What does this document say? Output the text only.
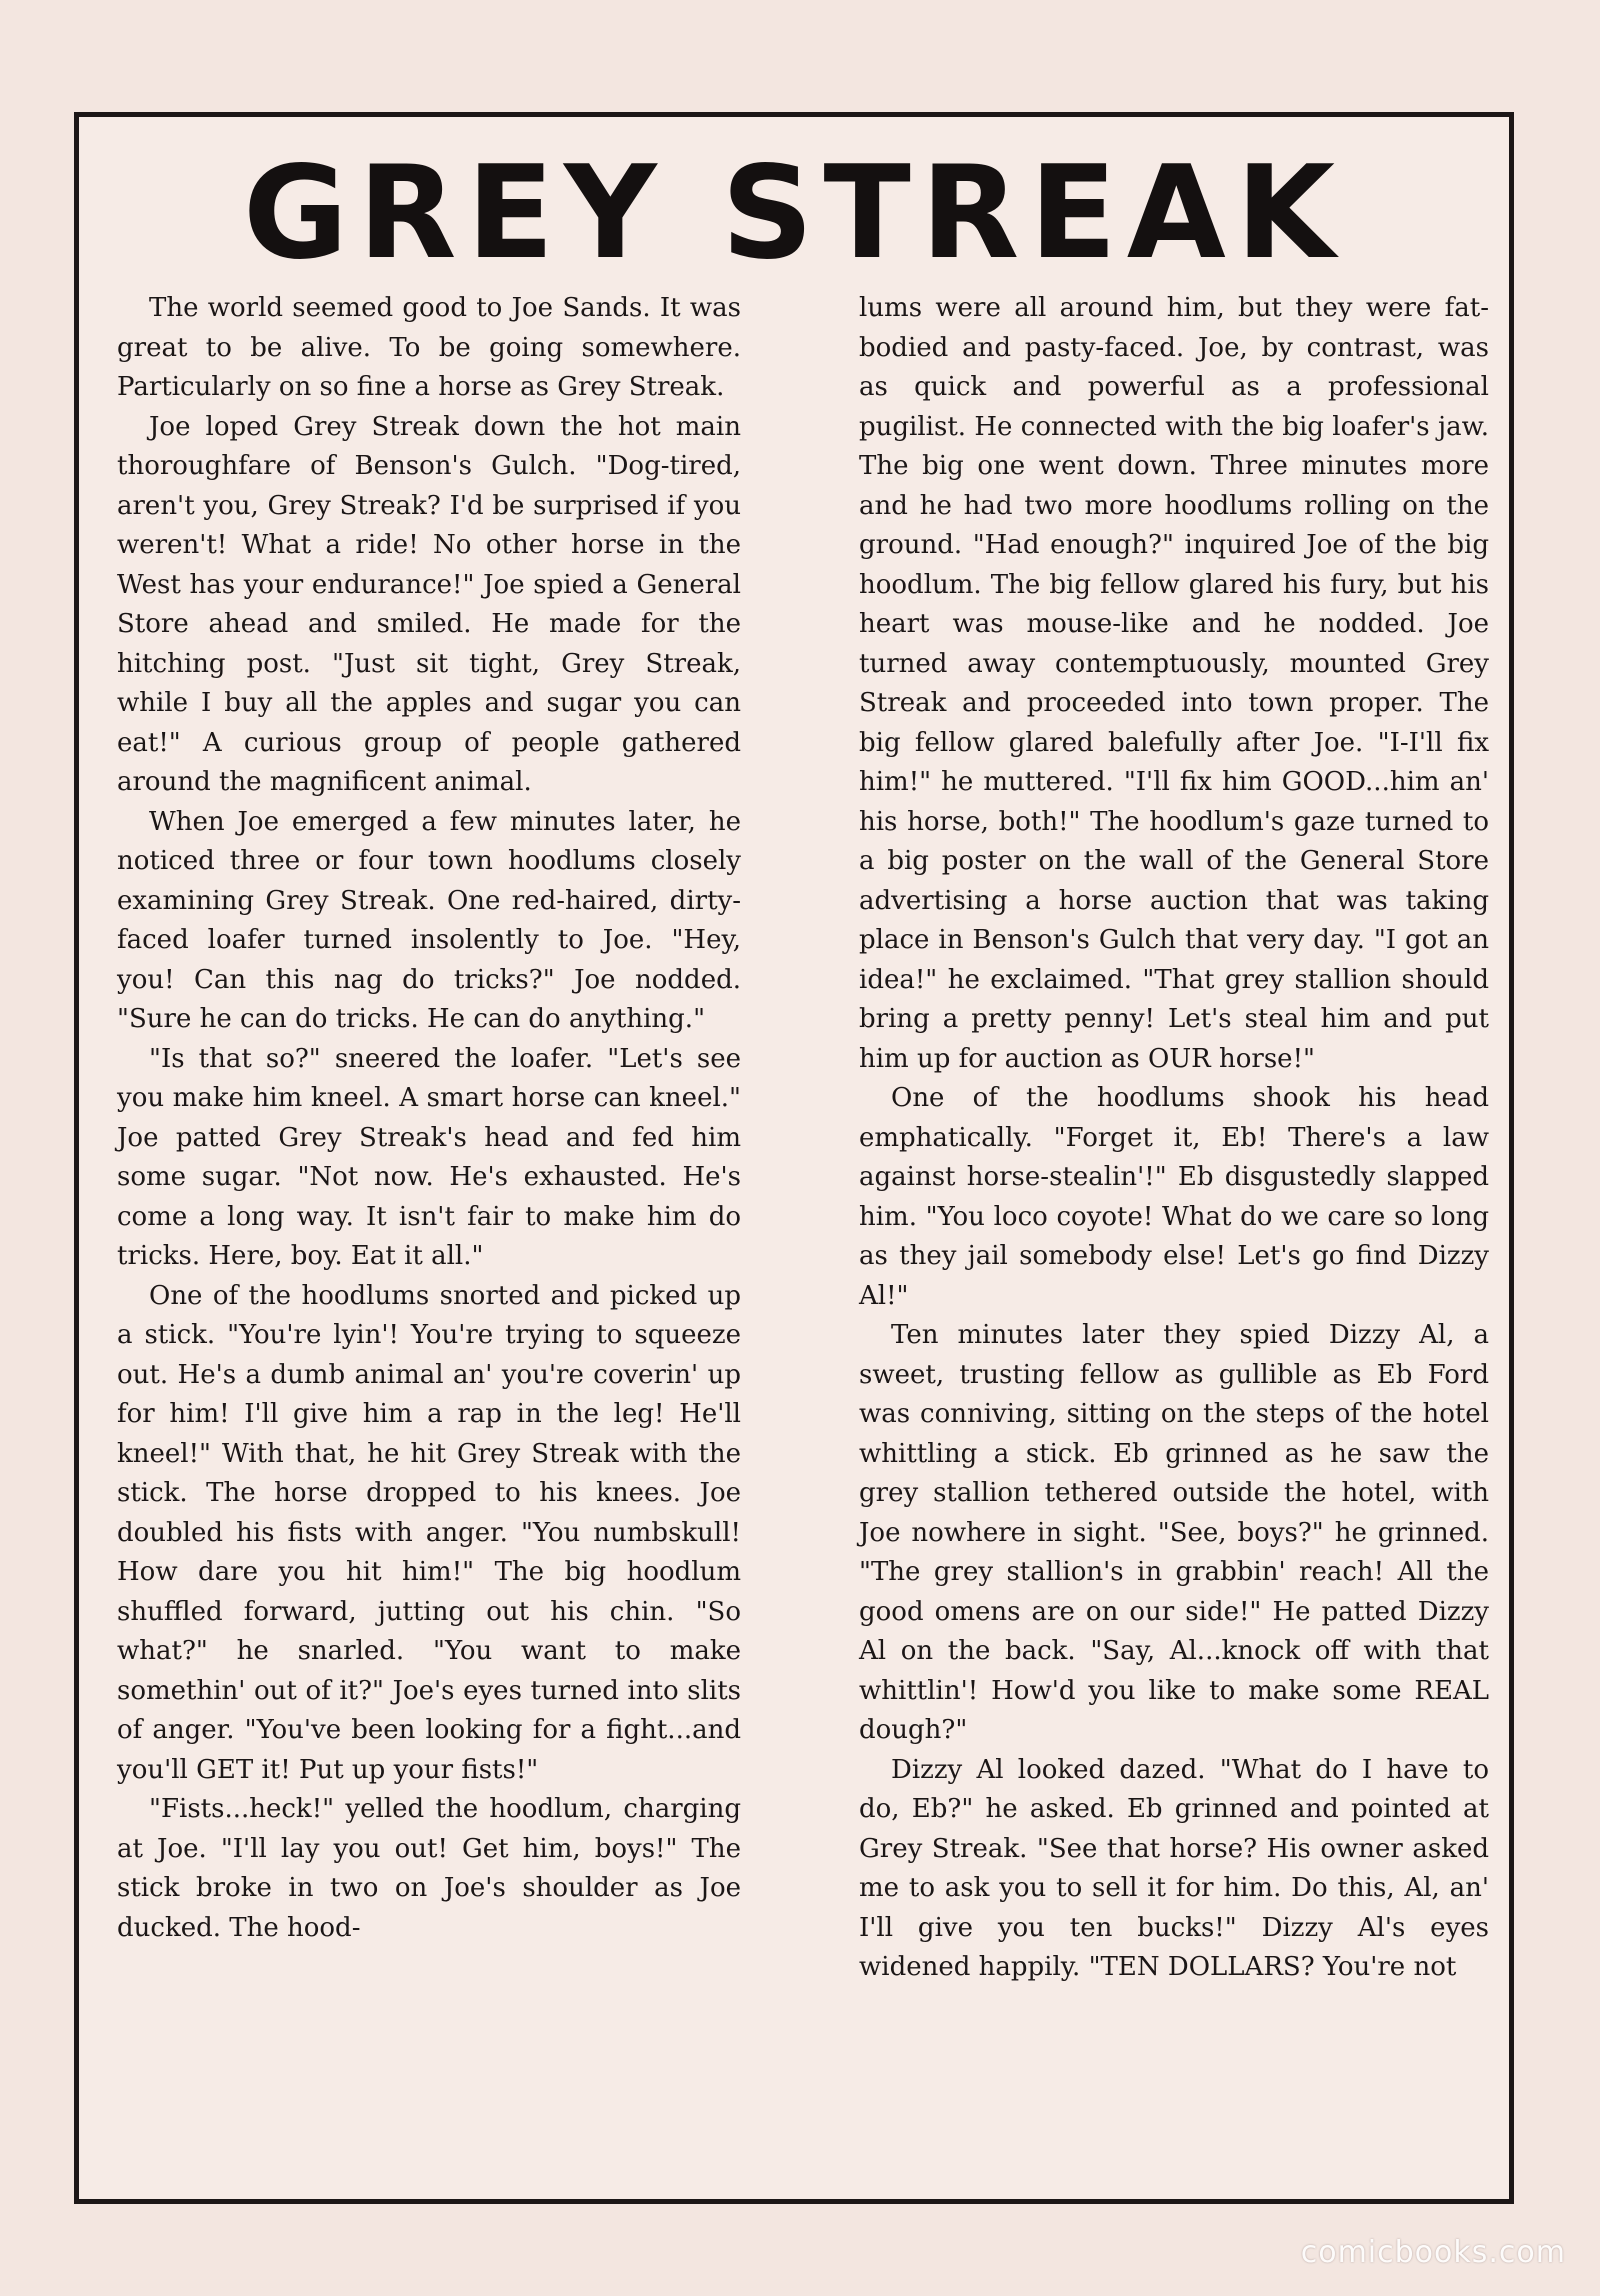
GREY STREAK

The world seemed good to Joe Sands. It was great to be alive. To be going somewhere. Particularly on so fine a horse as Grey Streak.

Joe loped Grey Streak down the hot main thoroughfare of Benson's Gulch. "Dog-tired, aren't you, Grey Streak? I'd be surprised if you weren't! What a ride! No other horse in the West has your endurance!" Joe spied a General Store ahead and smiled. He made for the hitching post. "Just sit tight, Grey Streak, while I buy all the apples and sugar you can eat!" A curious group of people gathered around the magnificent animal.

When Joe emerged a few minutes later, he noticed three or four town hoodlums closely examining Grey Streak. One red-haired, dirty-faced loafer turned insolently to Joe. "Hey, you! Can this nag do tricks?" Joe nodded. "Sure he can do tricks. He can do anything."

"Is that so?" sneered the loafer. "Let's see you make him kneel. A smart horse can kneel." Joe patted Grey Streak's head and fed him some sugar. "Not now. He's exhausted. He's come a long way. It isn't fair to make him do tricks. Here, boy. Eat it all."

One of the hoodlums snorted and picked up a stick. "You're lyin'! You're trying to squeeze out. He's a dumb animal an' you're coverin' up for him! I'll give him a rap in the leg! He'll kneel!" With that, he hit Grey Streak with the stick. The horse dropped to his knees. Joe doubled his fists with anger. "You numbskull! How dare you hit him!" The big hoodlum shuffled forward, jutting out his chin. "So what?" he snarled. "You want to make somethin' out of it?" Joe's eyes turned into slits of anger. "You've been looking for a fight...and you'll GET it! Put up your fists!"

"Fists...heck!" yelled the hoodlum, charging at Joe. "I'll lay you out! Get him, boys!" The stick broke in two on Joe's shoulder as Joe ducked. The hood-

lums were all around him, but they were fat-bodied and pasty-faced. Joe, by contrast, was as quick and powerful as a professional pugilist. He connected with the big loafer's jaw. The big one went down. Three minutes more and he had two more hoodlums rolling on the ground. "Had enough?" inquired Joe of the big hoodlum. The big fellow glared his fury, but his heart was mouse-like and he nodded. Joe turned away contemptuously, mounted Grey Streak and proceeded into town proper. The big fellow glared balefully after Joe. "I-I'll fix him!" he muttered. "I'll fix him GOOD...him an' his horse, both!" The hoodlum's gaze turned to a big poster on the wall of the General Store advertising a horse auction that was taking place in Benson's Gulch that very day. "I got an idea!" he exclaimed. "That grey stallion should bring a pretty penny! Let's steal him and put him up for auction as OUR horse!"

One of the hoodlums shook his head emphatically. "Forget it, Eb! There's a law against horse-stealin'!" Eb disgustedly slapped him. "You loco coyote! What do we care so long as they jail somebody else! Let's go find Dizzy Al!"

Ten minutes later they spied Dizzy Al, a sweet, trusting fellow as gullible as Eb Ford was conniving, sitting on the steps of the hotel whittling a stick. Eb grinned as he saw the grey stallion tethered outside the hotel, with Joe nowhere in sight. "See, boys?" he grinned. "The grey stallion's in grabbin' reach! All the good omens are on our side!" He patted Dizzy Al on the back. "Say, Al...knock off with that whittlin'! How'd you like to make some REAL dough?"

Dizzy Al looked dazed. "What do I have to do, Eb?" he asked. Eb grinned and pointed at Grey Streak. "See that horse? His owner asked me to ask you to sell it for him. Do this, Al, an' I'll give you ten bucks!" Dizzy Al's eyes widened happily. "TEN DOLLARS? You're not

comicbooks.com
